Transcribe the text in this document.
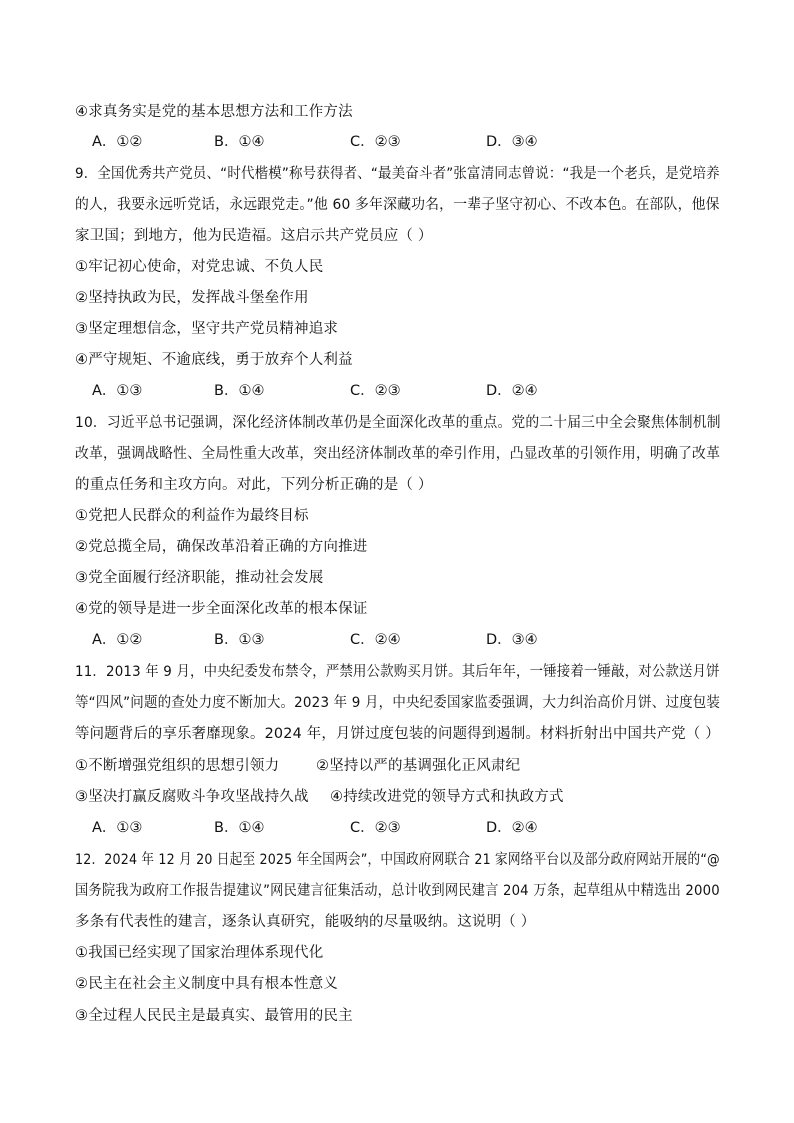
④求真务实是党的基本思想方法和工作方法
A．①②	B．①④	C．②③	D．③④
9．全国优秀共产党员、“时代楷模”称号获得者、“最美奋斗者”张富清同志曾说：“我是一个老兵，是党培养
的人，我要永远听党话，永远跟党走。”他 60 多年深藏功名，一辈子坚守初心、不改本色。在部队，他保
家卫国；到地方，他为民造福。这启示共产党员应（ ）
①牢记初心使命，对党忠诚、不负人民
②坚持执政为民，发挥战斗堡垒作用
③坚定理想信念，坚守共产党员精神追求
④严守规矩、不逾底线，勇于放弃个人利益
A．①③	B．①④	C．②③	D．②④
10．习近平总书记强调，深化经济体制改革仍是全面深化改革的重点。党的二十届三中全会聚焦体制机制
改革，强调战略性、全局性重大改革，突出经济体制改革的牵引作用，凸显改革的引领作用，明确了改革
的重点任务和主攻方向。对此，下列分析正确的是（ ）
①党把人民群众的利益作为最终目标
②党总揽全局，确保改革沿着正确的方向推进
③党全面履行经济职能，推动社会发展
④党的领导是进一步全面深化改革的根本保证
A．①②	B．①③	C．②④	D．③④
11．2013 年 9 月，中央纪委发布禁令，严禁用公款购买月饼。其后年年，一锤接着一锤敲，对公款送月饼
等“四风”问题的查处力度不断加大。2023 年 9 月，中央纪委国家监委强调，大力纠治高价月饼、过度包装
等问题背后的享乐奢靡现象。2024 年，月饼过度包装的问题得到遏制。材料折射出中国共产党（ ）
①不断增强党组织的思想引领力	②坚持以严的基调强化正风肃纪
③坚决打赢反腐败斗争攻坚战持久战 ④持续改进党的领导方式和执政方式
A．①③	B．①④	C．②③	D．②④
12．2024 年 12 月 20 日起至 2025 年全国两会”，中国政府网联合 21 家网络平台以及部分政府网站开展的“@
国务院我为政府工作报告提建议”网民建言征集活动，总计收到网民建言 204 万条，起草组从中精选出 2000
多条有代表性的建言，逐条认真研究，能吸纳的尽量吸纳。这说明（ ）
①我国已经实现了国家治理体系现代化
②民主在社会主义制度中具有根本性意义
③全过程人民民主是最真实、最管用的民主
